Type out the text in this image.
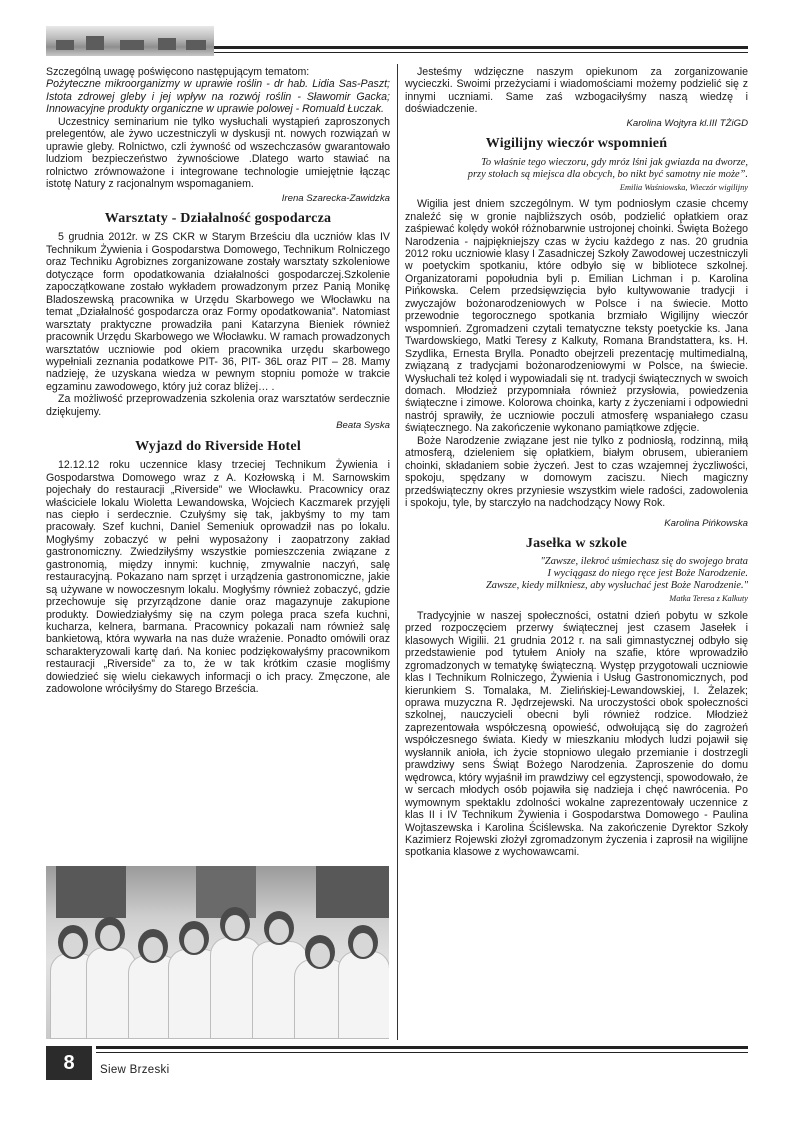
Szczególną uwagę poświęcono następującym tematom:

Pożyteczne mikroorganizmy w uprawie roślin - dr hab. Lidia Sas-Paszt; Istota zdrowej gleby i jej wpływ na rozwój roślin - Sławomir Gacka; Innowacyjne produkty organiczne w uprawie polowej - Romuald Łuczak.

Uczestnicy seminarium nie tylko wysłuchali wystąpień zaproszonych prelegentów, ale żywo uczestniczyli w dyskusji nt. nowych rozwiązań w uprawie gleby. Rolnictwo, czli żywność od wszechczasów gwarantowało ludziom bezpieczeństwo żywnościowe .Dlatego warto stawiać na rolnictwo zrównoważone i integrowane technologie umiejętnie łącząc istotę Natury z racjonalnym wspomaganiem.

Irena Szarecka-Zawidzka

Warsztaty - Działalność gospodarcza

5 grudnia 2012r. w ZS CKR w Starym Brześciu dla uczniów klas IV Technikum Żywienia i Gospodarstwa Domowego, Technikum Rolniczego oraz Techniku Agrobiznes zorganizowane zostały warsztaty szkoleniowe dotyczące form opodatkowania działalności gospodarczej.Szkolenie zapoczątkowane zostało wykładem prowadzonym przez Panią Monikę Bladoszewską pracownika w Urzędu Skarbowego we Włocławku na temat „Działalność gospodarcza oraz Formy opodatkowania”. Natomiast warsztaty praktyczne prowadziła pani Katarzyna Bieniek również pracownik Urzędu Skarbowego we Włocławku. W ramach prowadzonych warsztatów uczniowie pod okiem pracownika urzędu skarbowego wypełniali zeznania podatkowe PIT- 36, PIT- 36L oraz PIT – 28. Mamy nadzieję, że uzyskana wiedza w pewnym stopniu pomoże w trakcie egzaminu zawodowego, który już coraz bliżej… .

Za możliwość przeprowadzenia szkolenia oraz warsztatów serdecznie dziękujemy.

Beata Syska

Wyjazd do Riverside Hotel

12.12.12 roku uczennice klasy trzeciej Technikum Żywienia i Gospodarstwa Domowego wraz z A. Kozłowską i M. Sarnowskim pojechały do restauracji „Riverside” we Włocławku. Pracownicy oraz właściciele lokalu Wioletta Lewandowska, Wojciech Kaczmarek przyjęli nas ciepło i serdecznie. Czułyśmy się tak, jakbyśmy to my tam pracowały. Szef kuchni, Daniel Semeniuk oprowadził nas po lokalu. Mogłyśmy zobaczyć w pełni wyposażony i zaopatrzony zakład gastronomiczny. Zwiedziłyśmy wszystkie pomieszczenia związane z gastronomią, między innymi: kuchnię, zmywalnie naczyń, salę restauracyjną. Pokazano nam sprzęt i urządzenia gastronomiczne, jakie są używane w nowoczesnym lokalu. Mogłyśmy również zobaczyć, gdzie przechowuje się przyrządzone danie oraz magazynuje zakupione produkty. Dowiedziałyśmy się na czym polega praca szefa kuchni, kucharza, kelnera, barmana. Pracownicy pokazali nam również salę bankietową, która wywarła na nas duże wrażenie. Ponadto omówili oraz scharakteryzowali kartę dań. Na koniec podziękowałyśmy pracownikom restauracji „Riverside” za to, że w tak krótkim czasie mogliśmy dowiedzieć się wielu ciekawych informacji o ich pracy. Zmęczone, ale zadowolone wróciłyśmy do Starego Brześcia.

Jesteśmy wdzięczne naszym opiekunom za zorganizowanie wycieczki. Swoimi przeżyciami i wiadomościami możemy podzielić się z innymi uczniami. Same zaś wzbogaciłyśmy naszą wiedzę i doświadczenie.

Karolina Wojtyra kl.III TŻiGD

Wigilijny wieczór wspomnień

To właśnie tego wieczoru, gdy mróz lśni jak gwiazda na dworze,

przy stołach są miejsca dla obcych, bo nikt być samotny nie może”.

Emilia Waśniowska, Wieczór wigilijny

Wigilia jest dniem szczególnym. W tym podniosłym czasie chcemy znaleźć się w gronie najbliższych osób, podzielić opłatkiem oraz zaśpiewać kolędy wokół różnobarwnie ustrojonej choinki. Święta Bożego Narodzenia - najpiękniejszy czas w życiu każdego z nas. 20 grudnia 2012 roku uczniowie klasy I Zasadniczej Szkoły Zawodowej uczestniczyli w poetyckim spotkaniu, które odbyło się w bibliotece szkolnej. Organizatorami popołudnia byli p. Emilian Lichman i p. Karolina Pińkowska. Celem przedsięwzięcia było kultywowanie tradycji i zwyczajów bożonarodzeniowych w Polsce i na świecie. Motto przewodnie tegorocznego spotkania brzmiało Wigilijny wieczór wspomnień. Zgromadzeni czytali tematyczne teksty poetyckie ks. Jana Twardowskiego, Matki Teresy z Kalkuty, Romana Brandstattera, ks. H. Szydlika, Ernesta Brylla. Ponadto obejrzeli prezentację multimedialną, związaną z tradycjami bożonarodzeniowymi w Polsce, na świecie. Wysłuchali też kolęd i wypowiadali się nt. tradycji świątecznych w swoich domach. Młodzież przypomniała również przysłowia, powiedzenia świąteczne i zimowe. Kolorowa choinka, karty z życzeniami i odpowiedni nastrój sprawiły, że uczniowie poczuli atmosferę wspaniałego czasu świątecznego. Na zakończenie wykonano pamiątkowe zdjęcie.

Boże Narodzenie związane jest nie tylko z podniosłą, rodzinną, miłą atmosferą, dzieleniem się opłatkiem, białym obrusem, ubieraniem choinki, składaniem sobie życzeń. Jest to czas wzajemnej życzliwości, spokoju, spędzany w domowym zaciszu. Niech magiczny przedświąteczny okres przyniesie wszystkim wiele radości, zadowolenia i spokoju, tyle, by starczyło na nadchodzący Nowy Rok.

Karolina Pińkowska

Jasełka w szkole

"Zawsze, ilekroć uśmiechasz się do swojego brata

I wyciągasz do niego ręce jest Boże Narodzenie.

Zawsze, kiedy milkniesz, aby wysłuchać jest Boże Narodzenie."

Matka Teresa z Kalkuty

Tradycyjnie w naszej społeczności, ostatni dzień pobytu w szkole przed rozpoczęciem przerwy świątecznej jest czasem Jasełek i klasowych Wigilii. 21 grudnia 2012 r. na sali gimnastycznej odbyło się przedstawienie pod tytułem Anioły na szafie, które wprowadziło zgromadzonych w tematykę świąteczną. Występ przygotowali uczniowie klas I Technikum Rolniczego, Żywienia i Usług Gastronomicznych, pod kierunkiem S. Tomalaka, M. Zielińskiej-Lewandowskiej, I. Żelazek; oprawa muzyczna R. Jędrzejewski. Na uroczystości obok społeczności szkolnej, nauczycieli obecni byli również rodzice. Młodzież zaprezentowała współczesną opowieść, odwołującą się do zagrożeń współczesnego świata. Kiedy w mieszkaniu młodych ludzi pojawił się wysłannik anioła, ich życie stopniowo ulegało przemianie i dostrzegli prawdziwy sens Świąt Bożego Narodzenia. Zaproszenie do domu wędrowca, który wyjaśnił im prawdziwy cel egzystencji, spowodowało, że w sercach młodych osób pojawiła się nadzieja i chęć nawrócenia. Po wymownym spektaklu zdolności wokalne zaprezentowały uczennice z klas II i IV Technikum Żywienia i Gospodarstwa Domowego - Paulina Wojtaszewska i Karolina Ściślewska. Na zakończenie Dyrektor Szkoły Kazimierz Rojewski złożył zgromadzonym życzenia i zaprosił na wigilijne spotkania klasowe z wychowawcami.

8	Siew Brzeski
